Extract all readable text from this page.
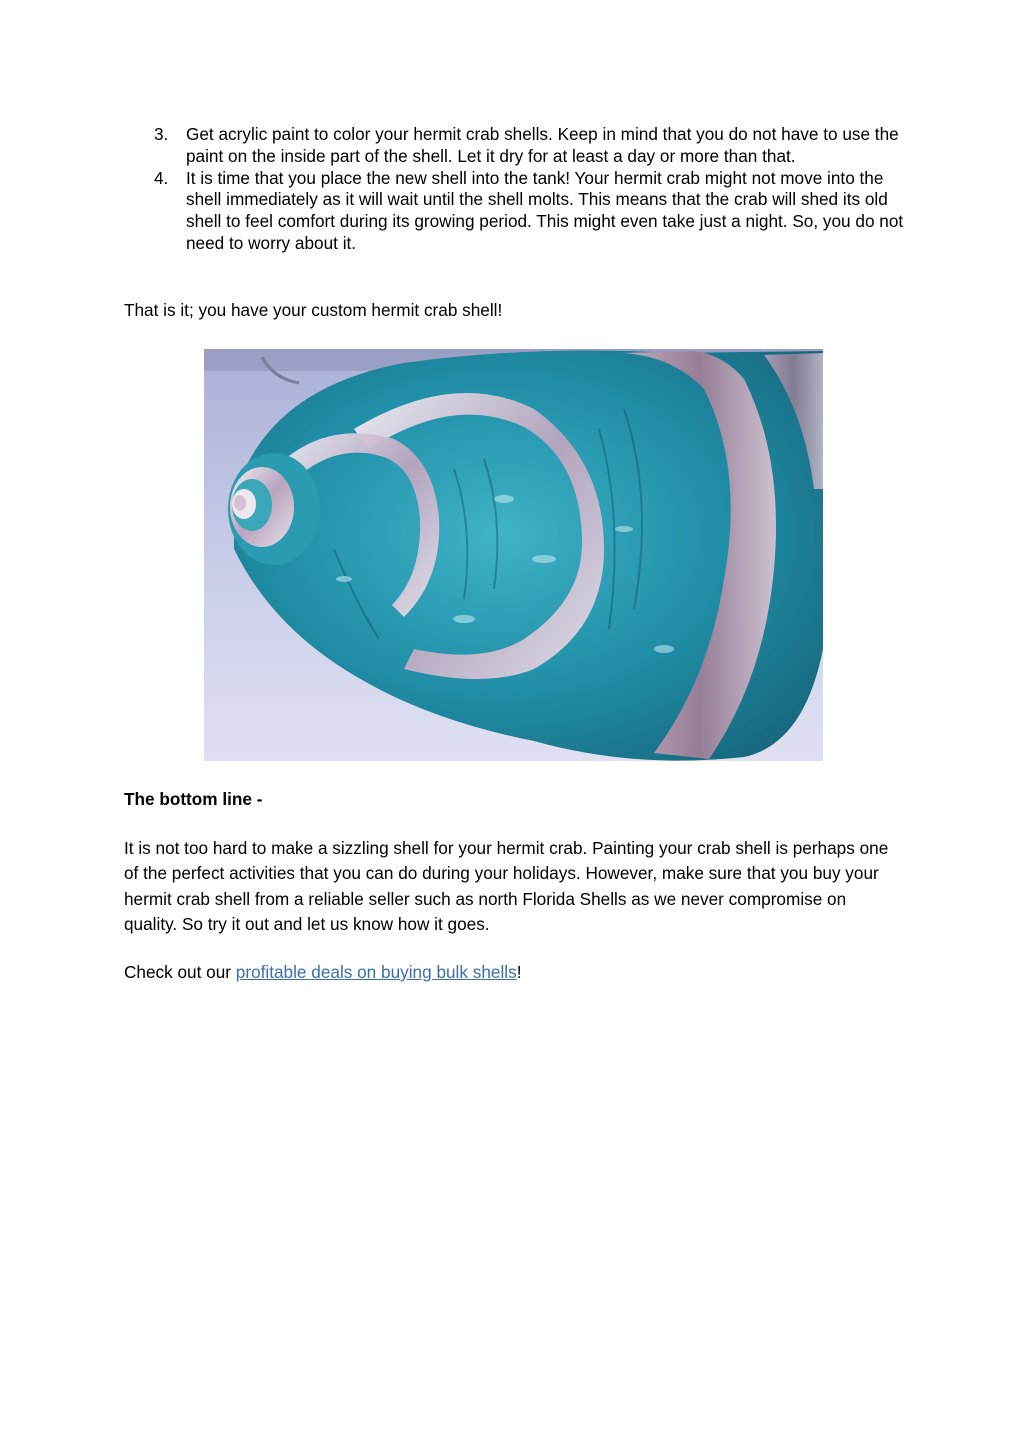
3. Get acrylic paint to color your hermit crab shells. Keep in mind that you do not have to use the paint on the inside part of the shell. Let it dry for at least a day or more than that.
4. It is time that you place the new shell into the tank! Your hermit crab might not move into the shell immediately as it will wait until the shell molts. This means that the crab will shed its old shell to feel comfort during its growing period. This might even take just a night. So, you do not need to worry about it.

That is it; you have your custom hermit crab shell!

The bottom line -

It is not too hard to make a sizzling shell for your hermit crab. Painting your crab shell is perhaps one of the perfect activities that you can do during your holidays. However, make sure that you buy your hermit crab shell from a reliable seller such as north Florida Shells as we never compromise on quality. So try it out and let us know how it goes.

Check out our profitable deals on buying bulk shells!
